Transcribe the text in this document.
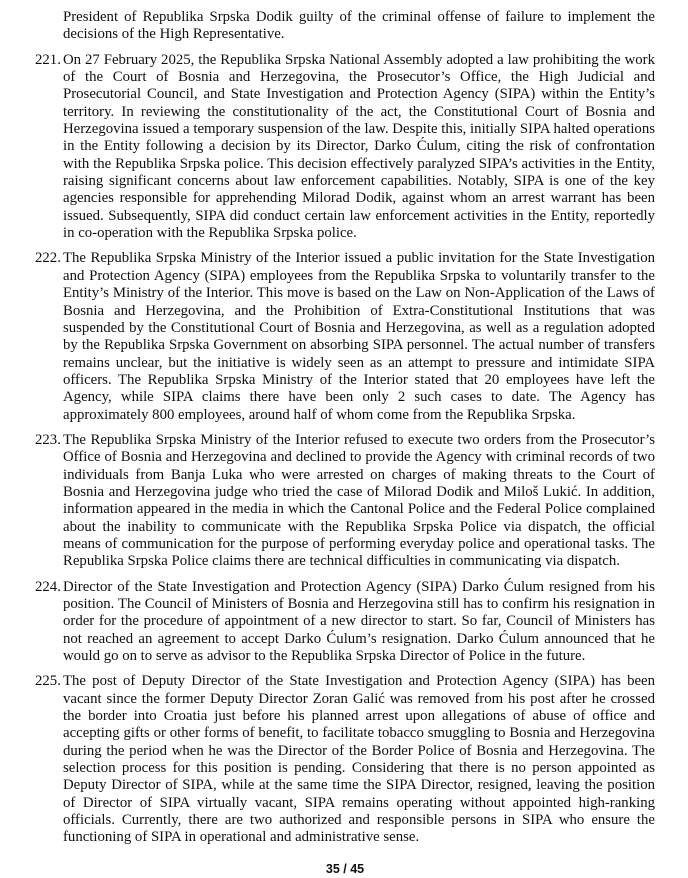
President of Republika Srpska Dodik guilty of the criminal offense of failure to implement the decisions of the High Representative.
221. On 27 February 2025, the Republika Srpska National Assembly adopted a law prohibiting the work of the Court of Bosnia and Herzegovina, the Prosecutor’s Office, the High Judicial and Prosecutorial Council, and State Investigation and Protection Agency (SIPA) within the Entity’s territory. In reviewing the constitutionality of the act, the Constitutional Court of Bosnia and Herzegovina issued a temporary suspension of the law. Despite this, initially SIPA halted operations in the Entity following a decision by its Director, Darko Ćulum, citing the risk of confrontation with the Republika Srpska police. This decision effectively paralyzed SIPA’s activities in the Entity, raising significant concerns about law enforcement capabilities. Notably, SIPA is one of the key agencies responsible for apprehending Milorad Dodik, against whom an arrest warrant has been issued. Subsequently, SIPA did conduct certain law enforcement activities in the Entity, reportedly in co-operation with the Republika Srpska police.
222. The Republika Srpska Ministry of the Interior issued a public invitation for the State Investigation and Protection Agency (SIPA) employees from the Republika Srpska to voluntarily transfer to the Entity’s Ministry of the Interior. This move is based on the Law on Non-Application of the Laws of Bosnia and Herzegovina, and the Prohibition of Extra-Constitutional Institutions that was suspended by the Constitutional Court of Bosnia and Herzegovina, as well as a regulation adopted by the Republika Srpska Government on absorbing SIPA personnel. The actual number of transfers remains unclear, but the initiative is widely seen as an attempt to pressure and intimidate SIPA officers. The Republika Srpska Ministry of the Interior stated that 20 employees have left the Agency, while SIPA claims there have been only 2 such cases to date. The Agency has approximately 800 employees, around half of whom come from the Republika Srpska.
223. The Republika Srpska Ministry of the Interior refused to execute two orders from the Prosecutor’s Office of Bosnia and Herzegovina and declined to provide the Agency with criminal records of two individuals from Banja Luka who were arrested on charges of making threats to the Court of Bosnia and Herzegovina judge who tried the case of Milorad Dodik and Miloš Lukić. In addition, information appeared in the media in which the Cantonal Police and the Federal Police complained about the inability to communicate with the Republika Srpska Police via dispatch, the official means of communication for the purpose of performing everyday police and operational tasks. The Republika Srpska Police claims there are technical difficulties in communicating via dispatch.
224. Director of the State Investigation and Protection Agency (SIPA) Darko Ćulum resigned from his position. The Council of Ministers of Bosnia and Herzegovina still has to confirm his resignation in order for the procedure of appointment of a new director to start. So far, Council of Ministers has not reached an agreement to accept Darko Ćulum’s resignation. Darko Ćulum announced that he would go on to serve as advisor to the Republika Srpska Director of Police in the future.
225. The post of Deputy Director of the State Investigation and Protection Agency (SIPA) has been vacant since the former Deputy Director Zoran Galić was removed from his post after he crossed the border into Croatia just before his planned arrest upon allegations of abuse of office and accepting gifts or other forms of benefit, to facilitate tobacco smuggling to Bosnia and Herzegovina during the period when he was the Director of the Border Police of Bosnia and Herzegovina. The selection process for this position is pending. Considering that there is no person appointed as Deputy Director of SIPA, while at the same time the SIPA Director, resigned, leaving the position of Director of SIPA virtually vacant, SIPA remains operating without appointed high-ranking officials. Currently, there are two authorized and responsible persons in SIPA who ensure the functioning of SIPA in operational and administrative sense.
35 / 45
